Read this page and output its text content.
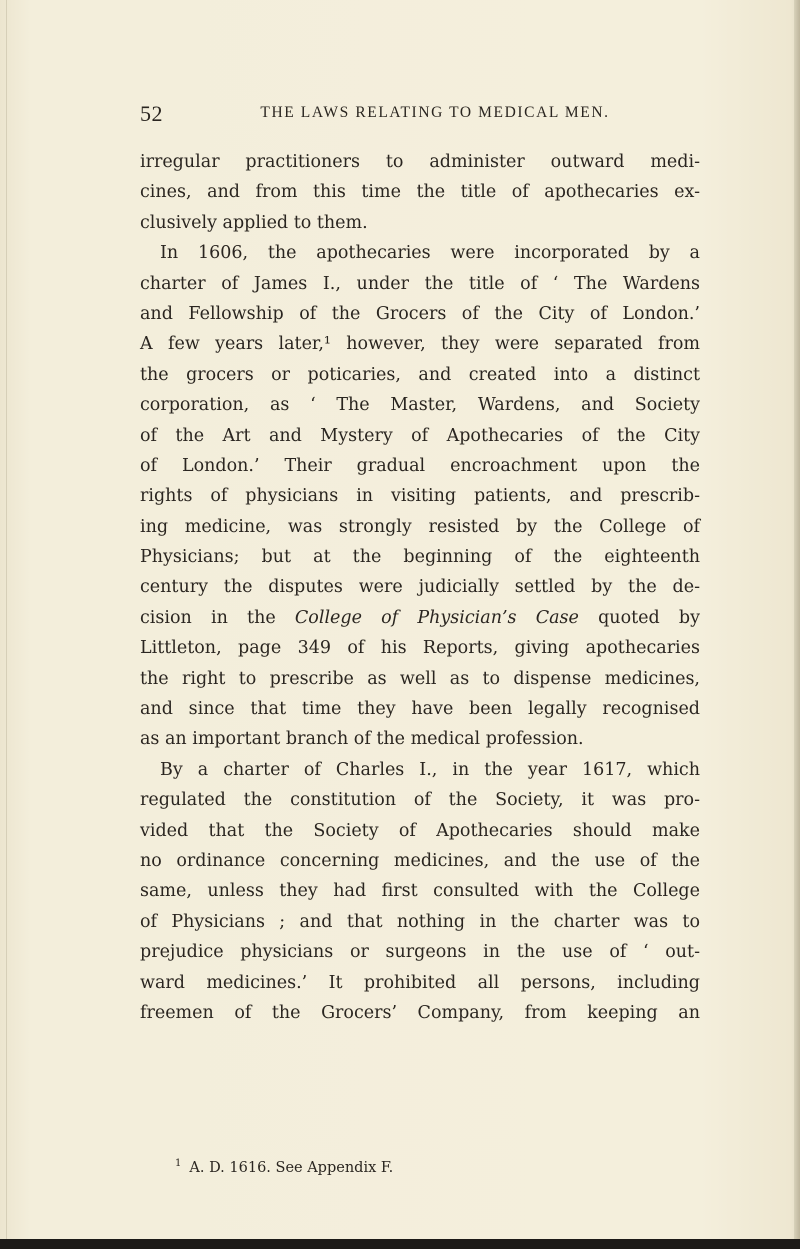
52	THE LAWS RELATING TO MEDICAL MEN.
irregular practitioners to administer outward medi-
cines, and from this time the title of apothecaries ex-
clusively applied to them.
In 1606, the apothecaries were incorporated by a
charter of James I., under the title of ‘ The Wardens
and Fellowship of the Grocers of the City of London.’
A few years later,¹ however, they were separated from
the grocers or poticaries, and created into a distinct
corporation, as ‘ The Master, Wardens, and Society
of the Art and Mystery of Apothecaries of the City
of London.’ Their gradual encroachment upon the
rights of physicians in visiting patients, and prescrib-
ing medicine, was strongly resisted by the College of
Physicians; but at the beginning of the eighteenth
century the disputes were judicially settled by the de-
cision in the College of Physician’s Case quoted by
Littleton, page 349 of his Reports, giving apothecaries
the right to prescribe as well as to dispense medicines,
and since that time they have been legally recognised
as an important branch of the medical profession.
By a charter of Charles I., in the year 1617, which
regulated the constitution of the Society, it was pro-
vided that the Society of Apothecaries should make
no ordinance concerning medicines, and the use of the
same, unless they had first consulted with the College
of Physicians ; and that nothing in the charter was to
prejudice physicians or surgeons in the use of ‘ out-
ward medicines.’ It prohibited all persons, including
freemen of the Grocers’ Company, from keeping an
$^1$ A. D. 1616. See Appendix F.
